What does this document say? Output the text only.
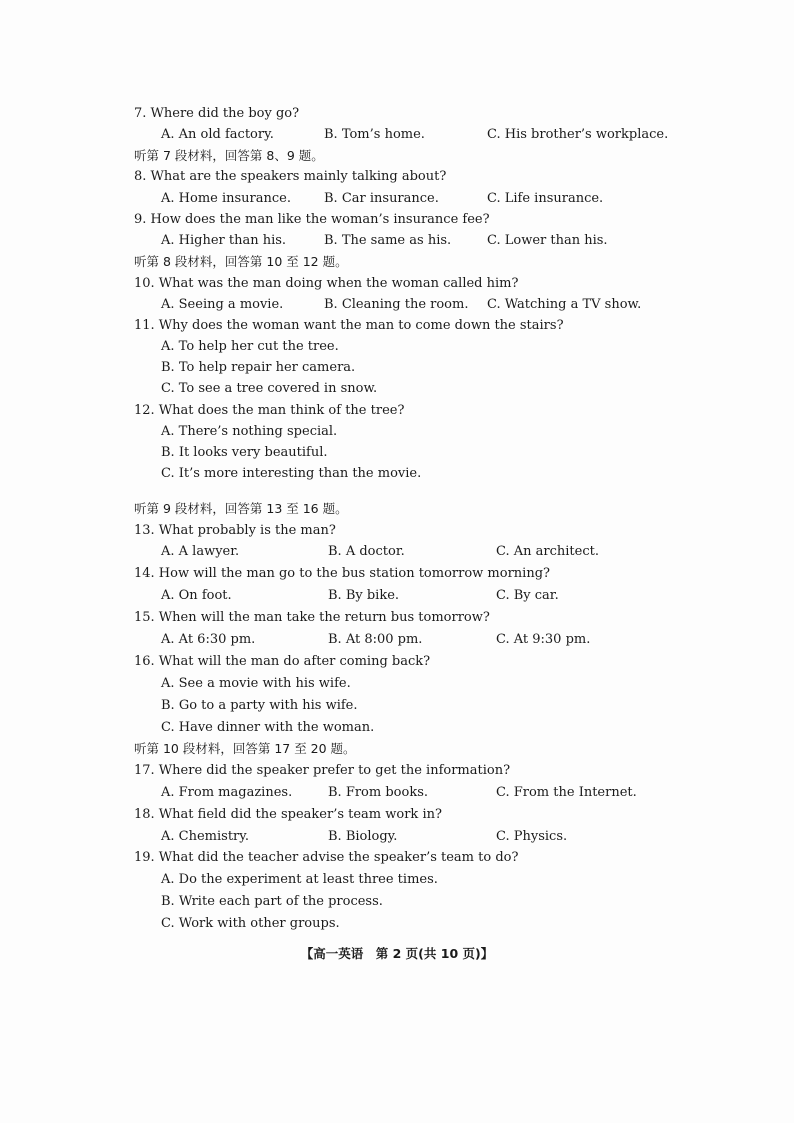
7. Where did the boy go?
A. An old factory.	B. Tom’s home.	C. His brother’s workplace.
听第 7 段材料，回答第 8、9 题。
8. What are the speakers mainly talking about?
A. Home insurance.	B. Car insurance.	C. Life insurance.
9. How does the man like the woman’s insurance fee?
A. Higher than his.	B. The same as his.	C. Lower than his.
听第 8 段材料，回答第 10 至 12 题。
10. What was the man doing when the woman called him?
A. Seeing a movie.	B. Cleaning the room. C. Watching a TV show.
11. Why does the woman want the man to come down the stairs?
A. To help her cut the tree.
B. To help repair her camera.
C. To see a tree covered in snow.
12. What does the man think of the tree?
A. There’s nothing special.
B. It looks very beautiful.
C. It’s more interesting than the movie.
听第 9 段材料，回答第 13 至 16 题。
13. What probably is the man?
A. A lawyer.	B. A doctor.	C. An architect.
14. How will the man go to the bus station tomorrow morning?
A. On foot.	B. By bike.	C. By car.
15. When will the man take the return bus tomorrow?
A. At 6:30 pm.	B. At 8:00 pm.	C. At 9:30 pm.
16. What will the man do after coming back?
A. See a movie with his wife.
B. Go to a party with his wife.
C. Have dinner with the woman.
听第 10 段材料，回答第 17 至 20 题。
17. Where did the speaker prefer to get the information?
A. From magazines.	B. From books.	C. From the Internet.
18. What field did the speaker’s team work in?
A. Chemistry.	B. Biology.	C. Physics.
19. What did the teacher advise the speaker’s team to do?
A. Do the experiment at least three times.
B. Write each part of the process.
C. Work with other groups.
【高一英语　第 2 页(共 10 页)】
